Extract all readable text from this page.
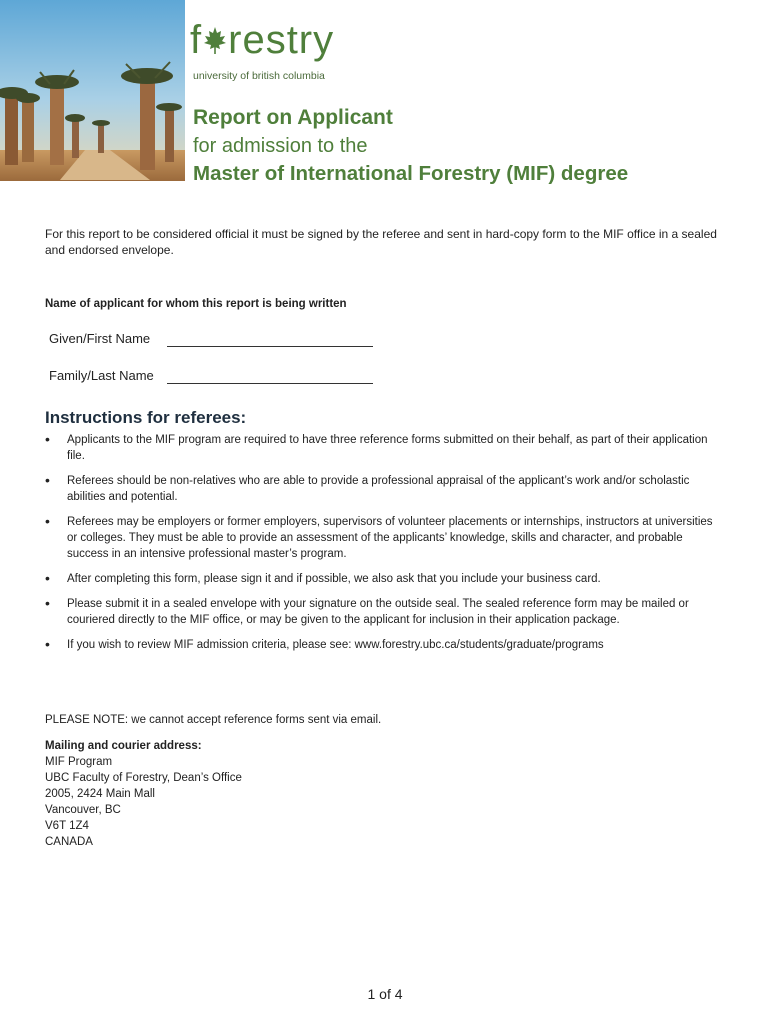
f restry
university of british columbia

Report on Applicant

for admission to the

Master of International Forestry (MIF) degree

For this report to be considered official it must be signed by the referee and sent in hard-copy form to the MIF office in a sealed and endorsed envelope.

Name of applicant for whom this report is being written

Given/First Name
Family/Last Name

Instructions for referees:

• Applicants to the MIF program are required to have three reference forms submitted on their behalf, as part of their application file.
• Referees should be non-relatives who are able to provide a professional appraisal of the applicant’s work and/or scholastic abilities and potential.
• Referees may be employers or former employers, supervisors of volunteer placements or internships, instructors at universities or colleges. They must be able to provide an assessment of the applicants’ knowledge, skills and character, and probable success in an intensive professional master’s program.
• After completing this form, please sign it and if possible, we also ask that you include your business card.
• Please submit it in a sealed envelope with your signature on the outside seal. The sealed reference form may be mailed or couriered directly to the MIF office, or may be given to the applicant for inclusion in their application package.
• If you wish to review MIF admission criteria, please see: www.forestry.ubc.ca/students/graduate/programs

PLEASE NOTE: we cannot accept reference forms sent via email.

Mailing and courier address:

MIF Program
UBC Faculty of Forestry, Dean’s Office
2005, 2424 Main Mall
Vancouver, BC
V6T 1Z4
CANADA
1 of 4
